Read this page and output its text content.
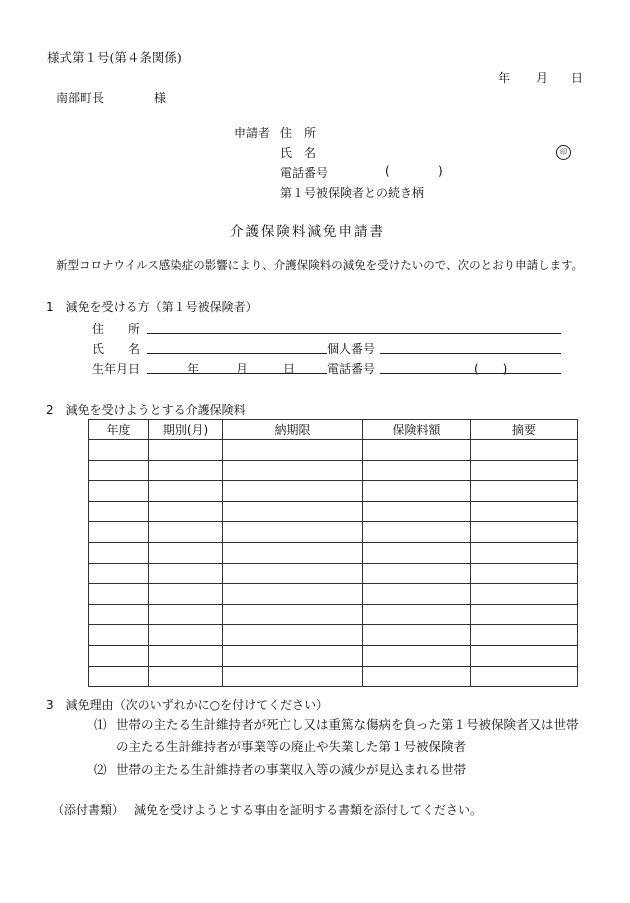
様式第１号(第４条関係)
年 月 日
南部町長	様
申請者 住　所
氏　名	印
電話番号	(	)
第１号被保険者との続き柄
介護保険料減免申請書
新型コロナウイルス感染症の影響により、介護保険料の減免を受けたいので、次のとおり申請します。
1　減免を受ける方（第１号被保険者）
住　　所
氏　　名	個人番号
生年月日	年	月	日	電話番号	(　　)
2　減免を受けようとする介護保険料
年度	期別(月)	納期限	保険料額	摘要

3　減免理由（次のいずれかに○を付けてください）
⑴ 世帯の主たる生計維持者が死亡し又は重篤な傷病を負った第１号被保険者又は世帯
の主たる生計維持者が事業等の廃止や失業した第１号被保険者
⑵ 世帯の主たる生計維持者の事業収入等の減少が見込まれる世帯
（添付書類） 減免を受けようとする事由を証明する書類を添付してください。
